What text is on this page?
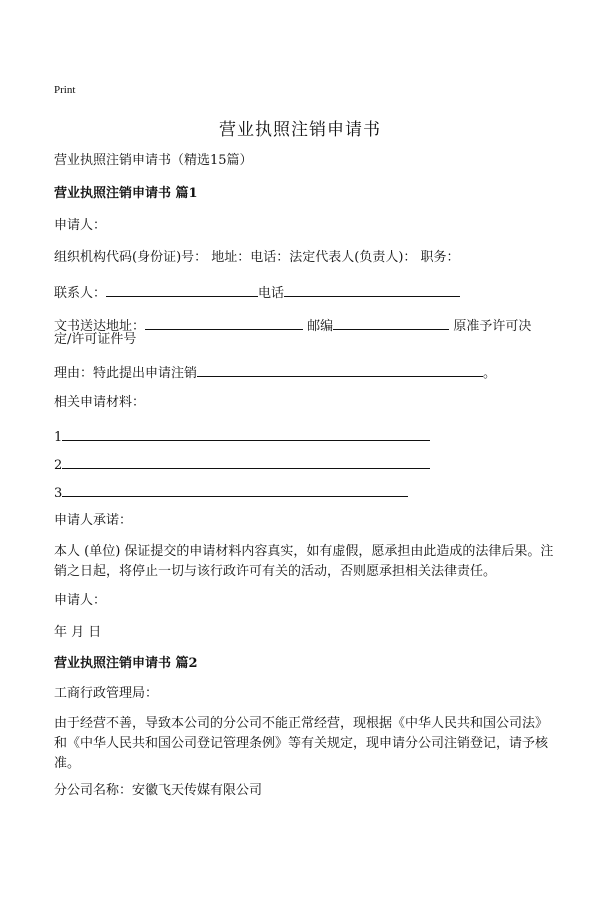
Print
营业执照注销申请书
营业执照注销申请书（精选15篇）
营业执照注销申请书 篇1
申请人：
组织机构代码(身份证)号： 地址：电话：法定代表人(负责人)： 职务：
联系人：	电话
文书送达地址：	邮编	原准予许可决
定/许可证件号
理由：特此提出申请注销	。
相关申请材料：
1
2
3
申请人承诺：
本人 (单位) 保证提交的申请材料内容真实，如有虚假，愿承担由此造成的法律后果。注销之日起，将停止一切与该行政许可有关的活动，否则愿承担相关法律责任。
申请人：
年 月 日
营业执照注销申请书 篇2
工商行政管理局：
由于经营不善，导致本公司的分公司不能正常经营，现根据《中华人民共和国公司法》和《中华人民共和国公司登记管理条例》等有关规定，现申请分公司注销登记，请予核准。
分公司名称：安徽飞天传媒有限公司
